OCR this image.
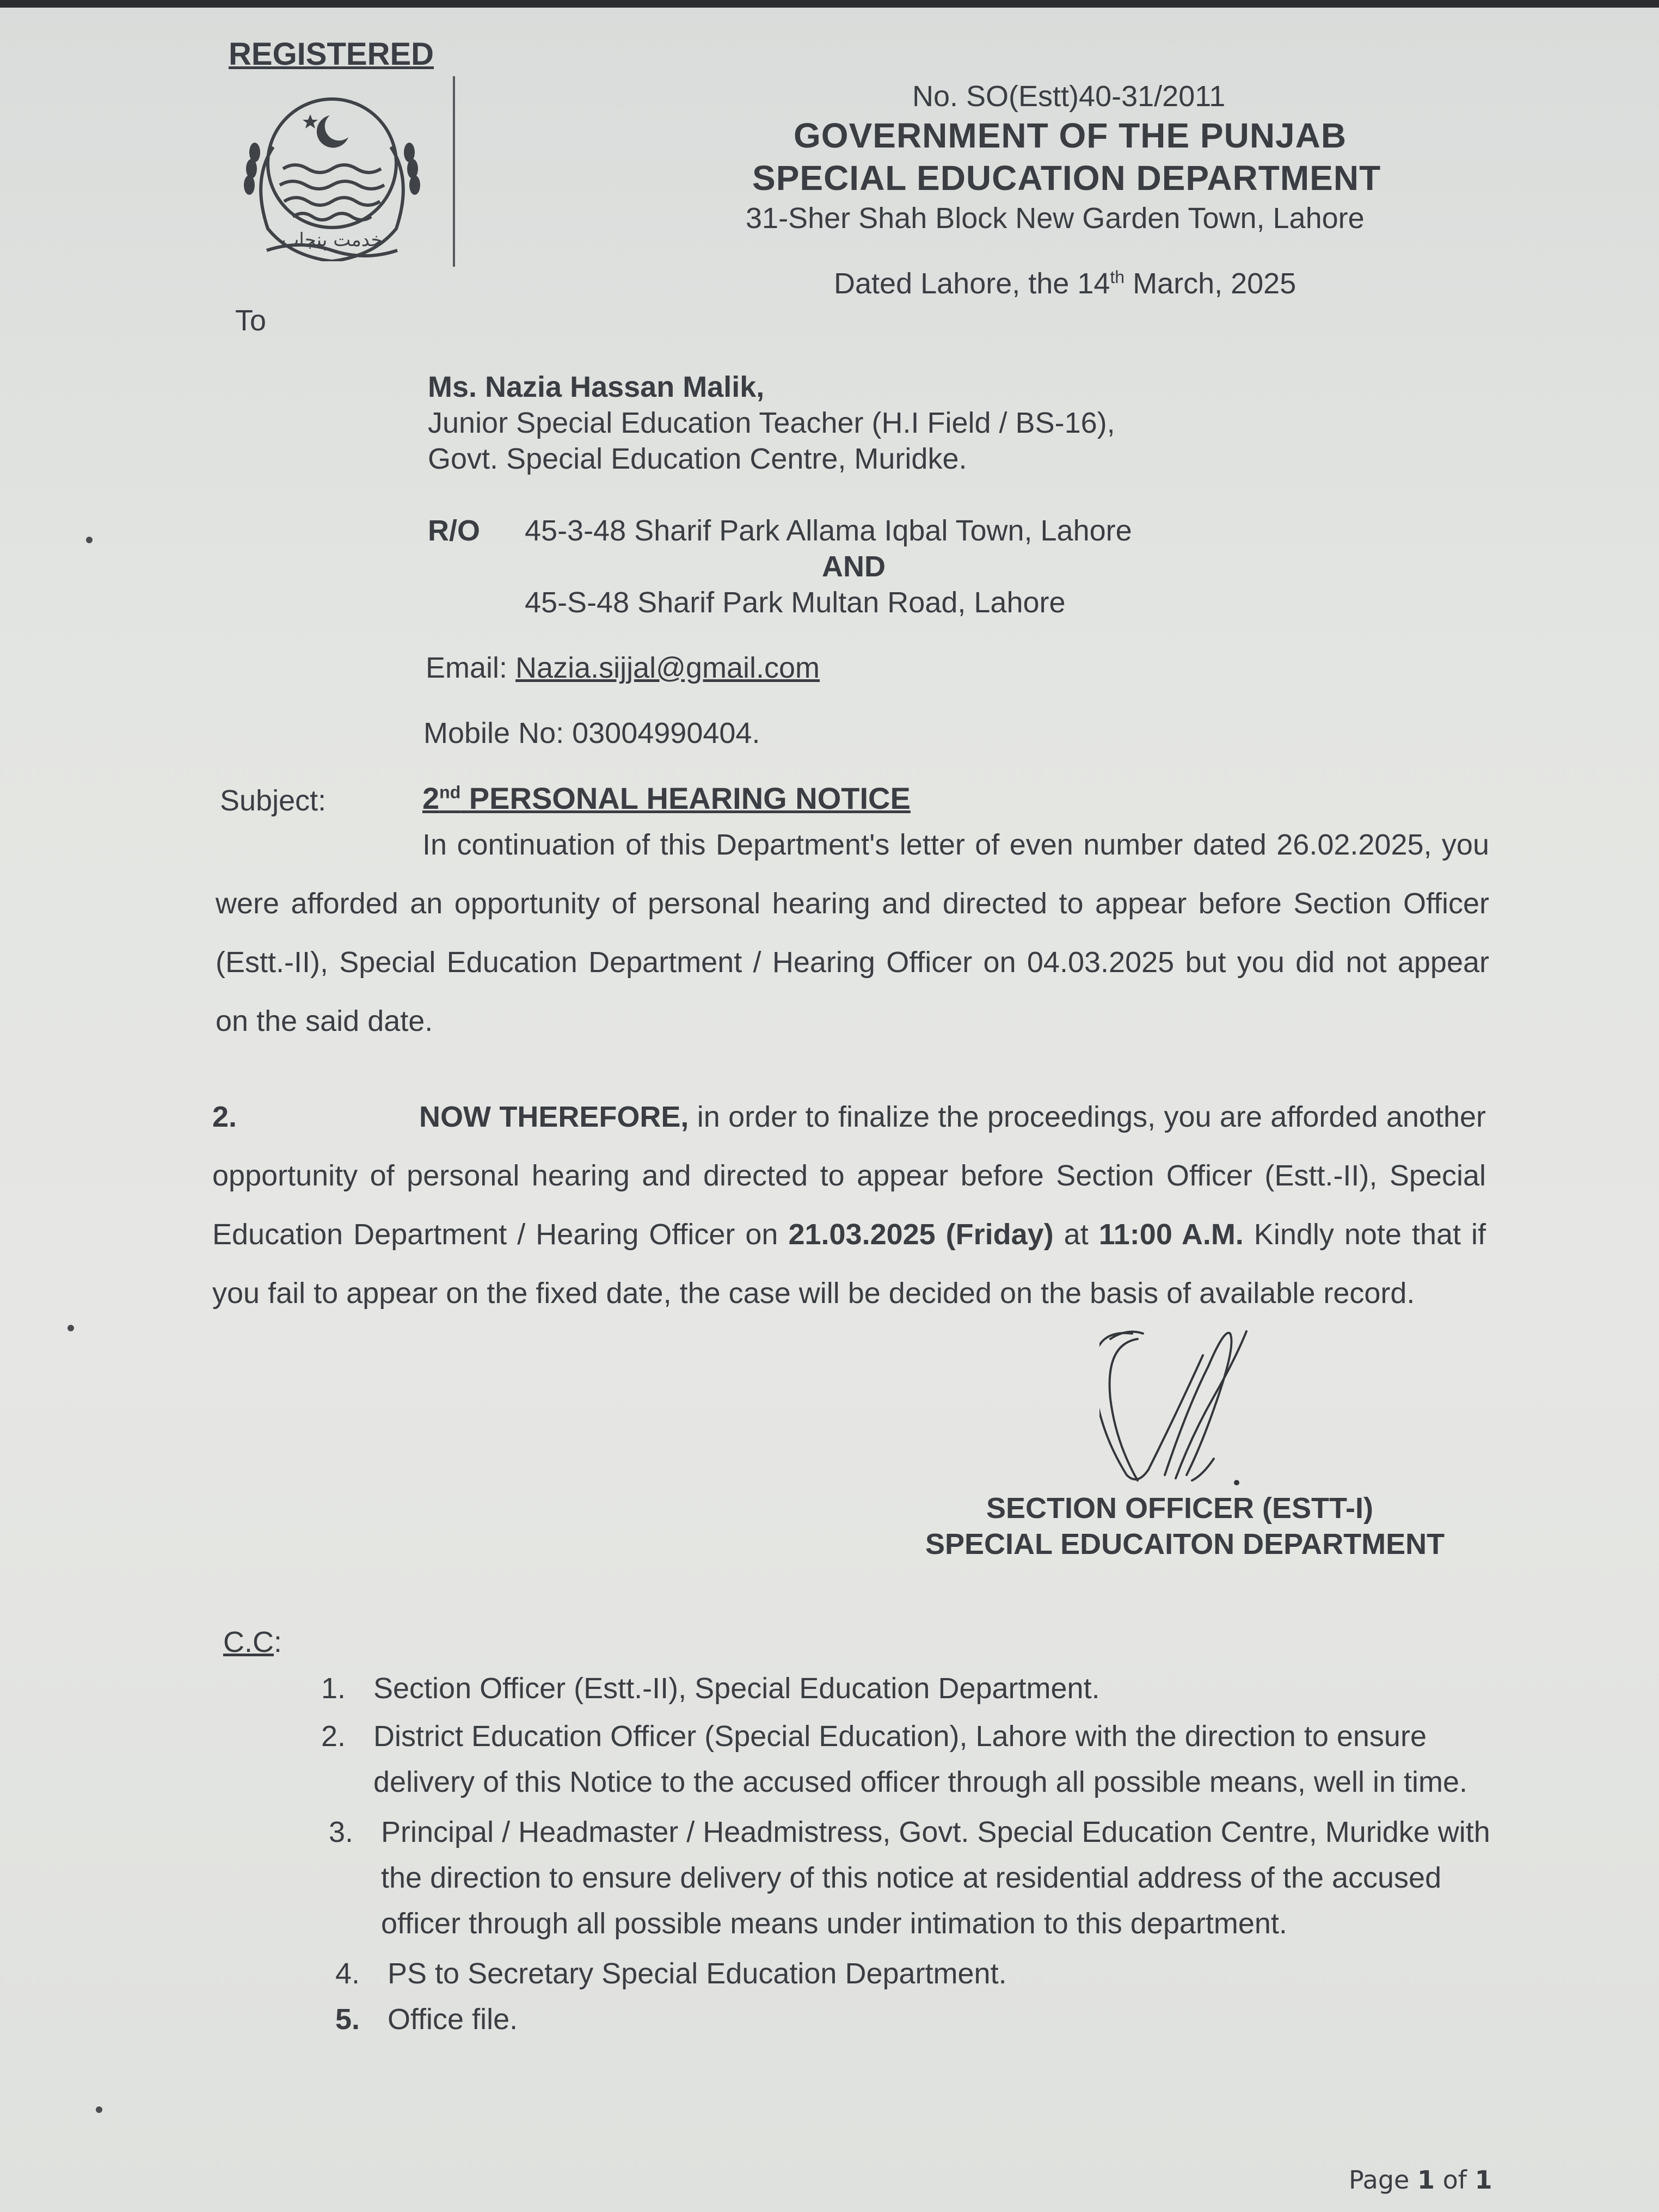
REGISTERED
خدمت پنجاب
No. SO(Estt)40-31/2011
GOVERNMENT OF THE PUNJAB
SPECIAL EDUCATION DEPARTMENT
31-Sher Shah Block New Garden Town, Lahore
Dated Lahore, the 14th March, 2025
To
Ms. Nazia Hassan Malik,
Junior Special Education Teacher (H.I Field / BS-16),
Govt. Special Education Centre, Muridke.
R/O 45-3-48 Sharif Park Allama Iqbal Town, Lahore
AND
45-S-48 Sharif Park Multan Road, Lahore
Email: Nazia.sijjal@gmail.com
Mobile No: 03004990404.
Subject:	2nd PERSONAL HEARING NOTICE
In continuation of this Department's letter of even number dated 26.02.2025, you were afforded an opportunity of personal hearing and directed to appear before Section Officer (Estt.-II), Special Education Department / Hearing Officer on 04.03.2025 but you did not appear on the said date.
2.	NOW THEREFORE, in order to finalize the proceedings, you are afforded another opportunity of personal hearing and directed to appear before Section Officer (Estt.-II), Special Education Department / Hearing Officer on 21.03.2025 (Friday) at 11:00 A.M. Kindly note that if you fail to appear on the fixed date, the case will be decided on the basis of available record.
SECTION OFFICER (ESTT-I)
SPECIAL EDUCAITON DEPARTMENT
C.C:
1. Section Officer (Estt.-II), Special Education Department.
2. District Education Officer (Special Education), Lahore with the direction to ensure delivery of this Notice to the accused officer through all possible means, well in time.
3. Principal / Headmaster / Headmistress, Govt. Special Education Centre, Muridke with the direction to ensure delivery of this notice at residential address of the accused officer through all possible means under intimation to this department.
4. PS to Secretary Special Education Department.
5. Office file.
Page 1 of 1
